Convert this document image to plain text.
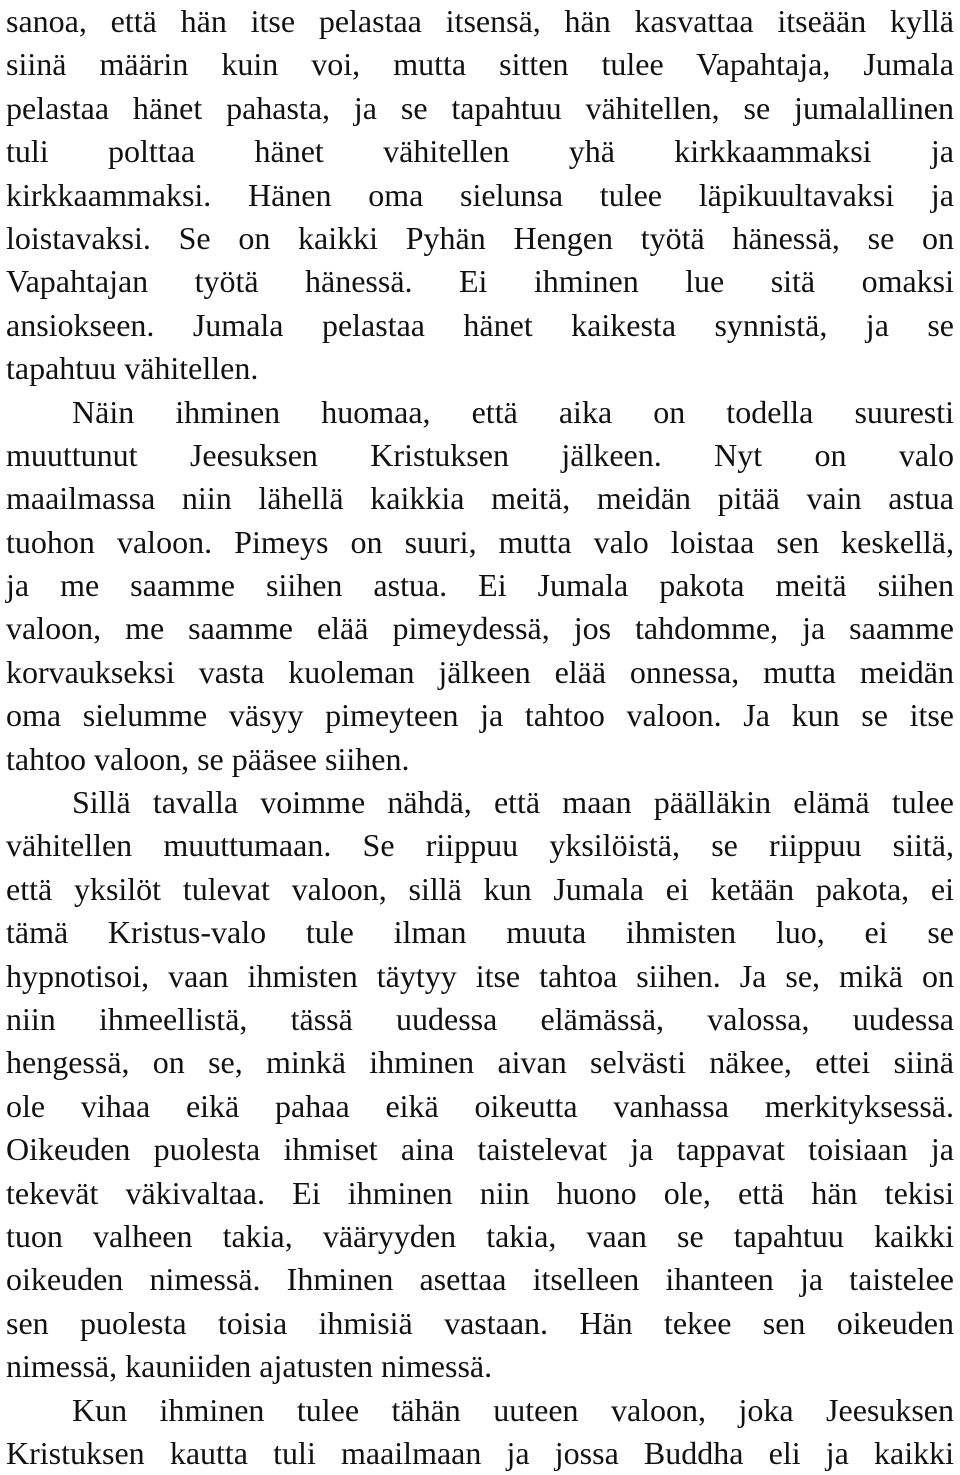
sanoa, että hän itse pelastaa itsensä, hän kasvattaa itseään kyllä
siinä määrin kuin voi, mutta sitten tulee Vapahtaja, Jumala
pelastaa hänet pahasta, ja se tapahtuu vähitellen, se jumalallinen
tuli polttaa hänet vähitellen yhä kirkkaammaksi ja
kirkkaammaksi. Hänen oma sielunsa tulee läpikuultavaksi ja
loistavaksi. Se on kaikki Pyhän Hengen työtä hänessä, se on
Vapahtajan työtä hänessä. Ei ihminen lue sitä omaksi
ansiokseen. Jumala pelastaa hänet kaikesta synnistä, ja se
tapahtuu vähitellen.
Näin ihminen huomaa, että aika on todella suuresti
muuttunut Jeesuksen Kristuksen jälkeen. Nyt on valo
maailmassa niin lähellä kaikkia meitä, meidän pitää vain astua
tuohon valoon. Pimeys on suuri, mutta valo loistaa sen keskellä,
ja me saamme siihen astua. Ei Jumala pakota meitä siihen
valoon, me saamme elää pimeydessä, jos tahdomme, ja saamme
korvaukseksi vasta kuoleman jälkeen elää onnessa, mutta meidän
oma sielumme väsyy pimeyteen ja tahtoo valoon. Ja kun se itse
tahtoo valoon, se pääsee siihen.
Sillä tavalla voimme nähdä, että maan päälläkin elämä tulee
vähitellen muuttumaan. Se riippuu yksilöistä, se riippuu siitä,
että yksilöt tulevat valoon, sillä kun Jumala ei ketään pakota, ei
tämä Kristus-valo tule ilman muuta ihmisten luo, ei se
hypnotisoi, vaan ihmisten täytyy itse tahtoa siihen. Ja se, mikä on
niin ihmeellistä, tässä uudessa elämässä, valossa, uudessa
hengessä, on se, minkä ihminen aivan selvästi näkee, ettei siinä
ole vihaa eikä pahaa eikä oikeutta vanhassa merkityksessä.
Oikeuden puolesta ihmiset aina taistelevat ja tappavat toisiaan ja
tekevät väkivaltaa. Ei ihminen niin huono ole, että hän tekisi
tuon valheen takia, vääryyden takia, vaan se tapahtuu kaikki
oikeuden nimessä. Ihminen asettaa itselleen ihanteen ja taistelee
sen puolesta toisia ihmisiä vastaan. Hän tekee sen oikeuden
nimessä, kauniiden ajatusten nimessä.
Kun ihminen tulee tähän uuteen valoon, joka Jeesuksen
Kristuksen kautta tuli maailmaan ja jossa Buddha eli ja kaikki
